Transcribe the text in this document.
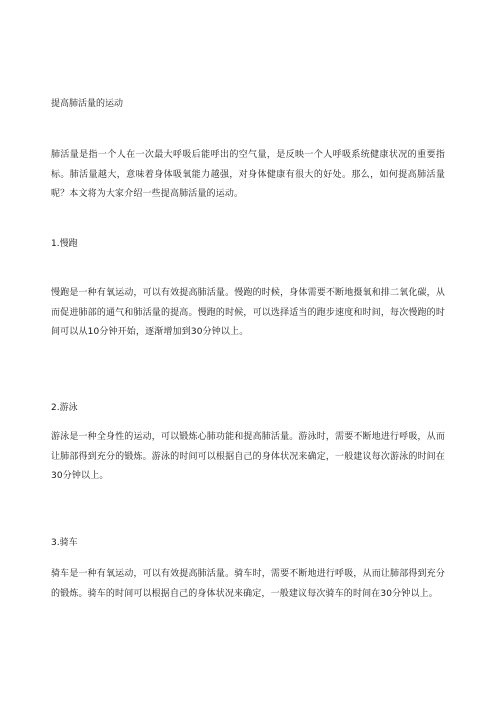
提高肺活量的运动

肺活量是指一个人在一次最大呼吸后能呼出的空气量，是反映一个人呼吸系统健康状况的重要指标。肺活量越大，意味着身体吸氧能力越强，对身体健康有很大的好处。那么，如何提高肺活量呢？本文将为大家介绍一些提高肺活量的运动。

1.慢跑

慢跑是一种有氧运动，可以有效提高肺活量。慢跑的时候，身体需要不断地摄氧和排二氧化碳，从而促进肺部的通气和肺活量的提高。慢跑的时候，可以选择适当的跑步速度和时间，每次慢跑的时间可以从10分钟开始，逐渐增加到30分钟以上。

2.游泳

游泳是一种全身性的运动，可以锻炼心肺功能和提高肺活量。游泳时，需要不断地进行呼吸，从而让肺部得到充分的锻炼。游泳的时间可以根据自己的身体状况来确定，一般建议每次游泳的时间在30分钟以上。

3.骑车

骑车是一种有氧运动，可以有效提高肺活量。骑车时，需要不断地进行呼吸，从而让肺部得到充分的锻炼。骑车的时间可以根据自己的身体状况来确定，一般建议每次骑车的时间在30分钟以上。
